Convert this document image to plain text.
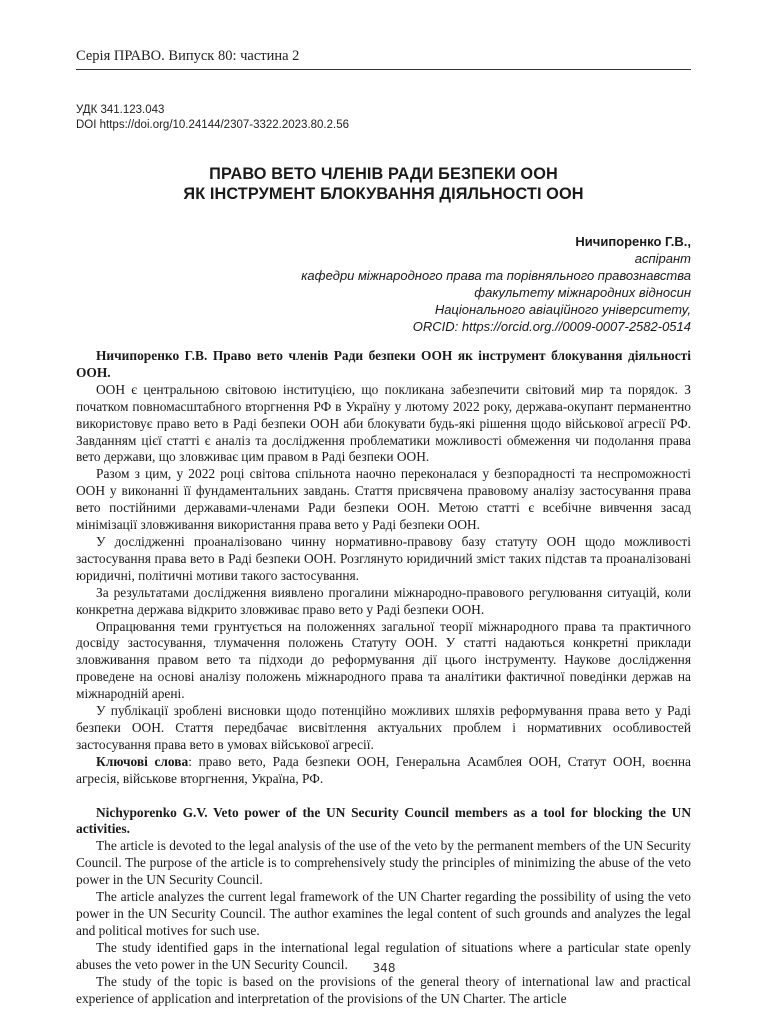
Серія ПРАВО. Випуск 80: частина 2
УДК 341.123.043
DOI https://doi.org/10.24144/2307-3322.2023.80.2.56
ПРАВО ВЕТО ЧЛЕНІВ РАДИ БЕЗПЕКИ ООН
ЯК ІНСТРУМЕНТ БЛОКУВАННЯ ДІЯЛЬНОСТІ ООН
Ничипоренко Г.В.,
аспірант
кафедри міжнародного права та порівняльного правознавства
факультету міжнародних відносин
Національного авіаційного університету,
ORCID: https://orcid.org.//0009-0007-2582-0514

Ничипоренко Г.В. Право вето членів Ради безпеки ООН як інструмент блокування діяльності ООН.

ООН є центральною світовою інституцією, що покликана забезпечити світовий мир та порядок. З початком повномасштабного вторгнення РФ в Україну у лютому 2022 року, держава-окупант перманентно використовує право вето в Раді безпеки ООН аби блокувати будь-які рішення щодо військової агресії РФ. Завданням цієї статті є аналіз та дослідження проблематики можливості обмеження чи подолання права вето держави, що зловживає цим правом в Раді безпеки ООН.

Разом з цим, у 2022 році світова спільнота наочно переконалася у безпорадності та неспроможності ООН у виконанні її фундаментальних завдань. Стаття присвячена правовому аналізу застосування права вето постійними державами-членами Ради безпеки ООН. Метою статті є всебічне вивчення засад мінімізації зловживання використання права вето у Раді безпеки ООН.

У дослідженні проаналізовано чинну нормативно-правову базу статуту ООН щодо можливості застосування права вето в Раді безпеки ООН. Розглянуто юридичний зміст таких підстав та проаналізовані юридичні, політичні мотиви такого застосування.

За результатами дослідження виявлено прогалини міжнародно-правового регулювання ситуацій, коли конкретна держава відкрито зловживає право вето у Раді безпеки ООН.

Опрацювання теми грунтується на положеннях загальної теорії міжнародного права та практичного досвіду застосування, тлумачення положень Статуту ООН. У статті надаються конкретні приклади зловживання правом вето та підходи до реформування дії цього інструменту. Наукове дослідження проведене на основі аналізу положень міжнародного права та аналітики фактичної поведінки держав на міжнародній арені.

У публікації зроблені висновки щодо потенційно можливих шляхів реформування права вето у Раді безпеки ООН. Стаття передбачає висвітлення актуальних проблем і нормативних особливостей застосування права вето в умовах військової агресії.

Ключові слова: право вето, Рада безпеки ООН, Генеральна Асамблея ООН, Статут ООН, воєнна агресія, військове вторгнення, Україна, РФ.

Nichyporenko G.V. Veto power of the UN Security Council members as a tool for blocking the UN activities.

The article is devoted to the legal analysis of the use of the veto by the permanent members of the UN Security Council. The purpose of the article is to comprehensively study the principles of minimizing the abuse of the veto power in the UN Security Council.

The article analyzes the current legal framework of the UN Charter regarding the possibility of using the veto power in the UN Security Council. The author examines the legal content of such grounds and analyzes the legal and political motives for such use.

The study identified gaps in the international legal regulation of situations where a particular state openly abuses the veto power in the UN Security Council.

The study of the topic is based on the provisions of the general theory of international law and practical experience of application and interpretation of the provisions of the UN Charter. The article

348
